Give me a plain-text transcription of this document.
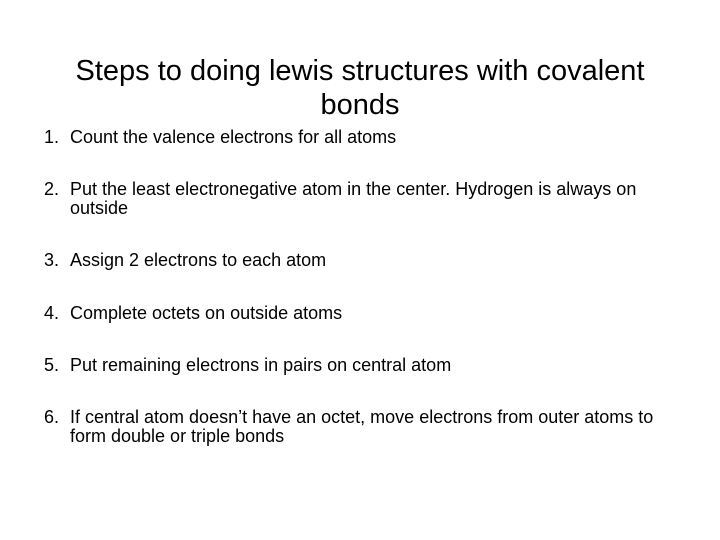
Steps to doing lewis structures with covalent bonds
1. Count the valence electrons for all atoms
2. Put the least electronegative atom in the center. Hydrogen is always on outside
3. Assign 2 electrons to each atom
4. Complete octets on outside atoms
5. Put remaining electrons in pairs on central atom
6. If central atom doesn’t have an octet, move electrons from outer atoms to form double or triple bonds
